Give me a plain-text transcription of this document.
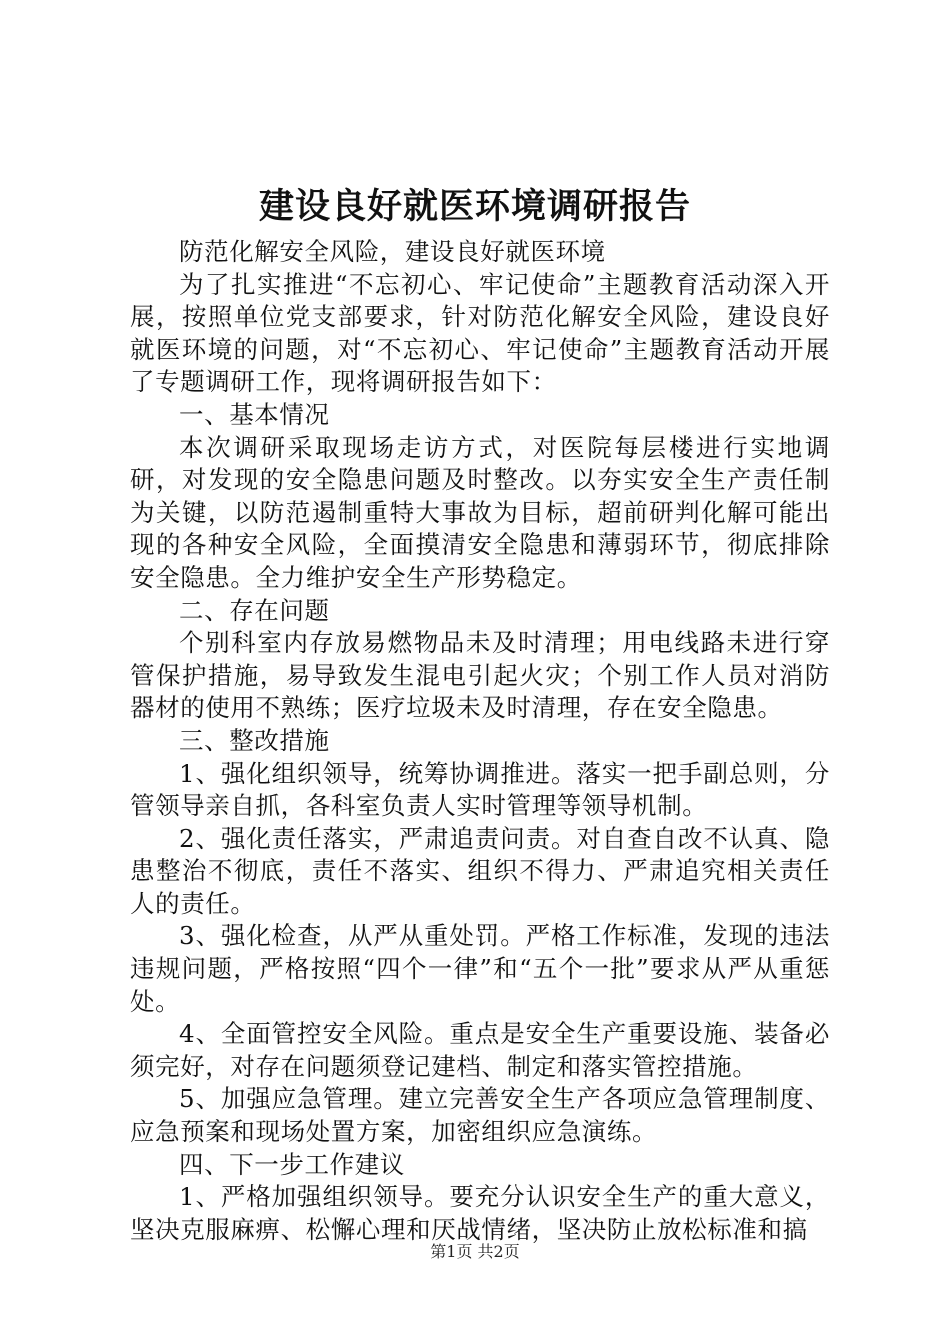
建设良好就医环境调研报告

防范化解安全风险，建设良好就医环境

为了扎实推进“不忘初心、牢记使命”主题教育活动深入开展，按照单位党支部要求，针对防范化解安全风险，建设良好就医环境的问题，对“不忘初心、牢记使命”主题教育活动开展了专题调研工作，现将调研报告如下：

一、基本情况

本次调研采取现场走访方式，对医院每层楼进行实地调研，对发现的安全隐患问题及时整改。以夯实安全生产责任制为关键，以防范遏制重特大事故为目标，超前研判化解可能出现的各种安全风险，全面摸清安全隐患和薄弱环节，彻底排除安全隐患。全力维护安全生产形势稳定。

二、存在问题

个别科室内存放易燃物品未及时清理；用电线路未进行穿管保护措施，易导致发生混电引起火灾；个别工作人员对消防器材的使用不熟练；医疗垃圾未及时清理，存在安全隐患。

三、整改措施

1、强化组织领导，统筹协调推进。落实一把手副总则，分管领导亲自抓，各科室负责人实时管理等领导机制。

2、强化责任落实，严肃追责问责。对自查自改不认真、隐患整治不彻底，责任不落实、组织不得力、严肃追究相关责任人的责任。

3、强化检查，从严从重处罚。严格工作标准，发现的违法违规问题，严格按照“四个一律”和“五个一批”要求从严从重惩处。

4、全面管控安全风险。重点是安全生产重要设施、装备必须完好，对存在问题须登记建档、制定和落实管控措施。

5、加强应急管理。建立完善安全生产各项应急管理制度、应急预案和现场处置方案，加密组织应急演练。

四、下一步工作建议

1、严格加强组织领导。要充分认识安全生产的重大意义，坚决克服麻痹、松懈心理和厌战情绪，坚决防止放松标准和搞

第1页 共2页
